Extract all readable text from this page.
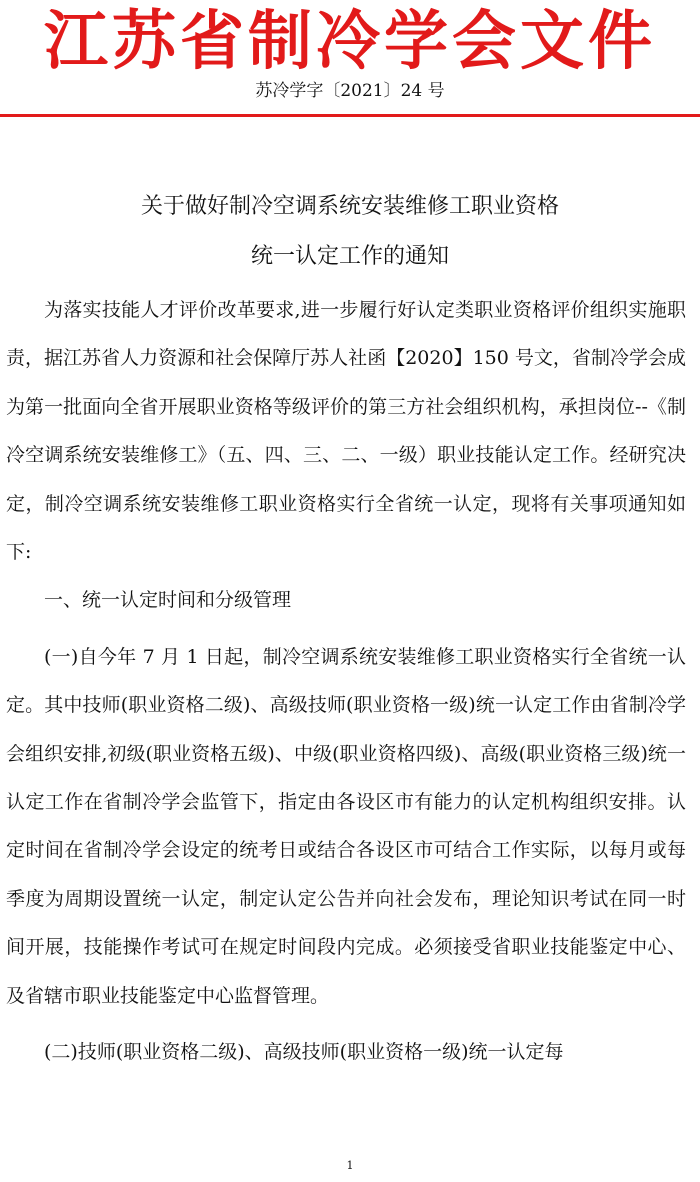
江苏省制冷学会文件
苏冷学字〔2021〕24 号
关于做好制冷空调系统安装维修工职业资格
统一认定工作的通知

为落实技能人才评价改革要求,进一步履行好认定类职业资格评价组织实施职责，据江苏省人力资源和社会保障厅苏人社函【2020】150 号文，省制冷学会成为第一批面向全省开展职业资格等级评价的第三方社会组织机构，承担岗位--《制冷空调系统安装维修工》（五、四、三、二、一级）职业技能认定工作。经研究决定，制冷空调系统安装维修工职业资格实行全省统一认定，现将有关事项通知如下:

一、统一认定时间和分级管理

(一)自今年 7 月 1 日起，制冷空调系统安装维修工职业资格实行全省统一认定。其中技师(职业资格二级)、高级技师(职业资格一级)统一认定工作由省制冷学会组织安排,初级(职业资格五级)、中级(职业资格四级)、高级(职业资格三级)统一认定工作在省制冷学会监管下，指定由各设区市有能力的认定机构组织安排。认定时间在省制冷学会设定的统考日或结合各设区市可结合工作实际，以每月或每季度为周期设置统一认定，制定认定公告并向社会发布，理论知识考试在同一时间开展，技能操作考试可在规定时间段内完成。必须接受省职业技能鉴定中心、及省辖市职业技能鉴定中心监督管理。

(二)技师(职业资格二级)、高级技师(职业资格一级)统一认定每

1
